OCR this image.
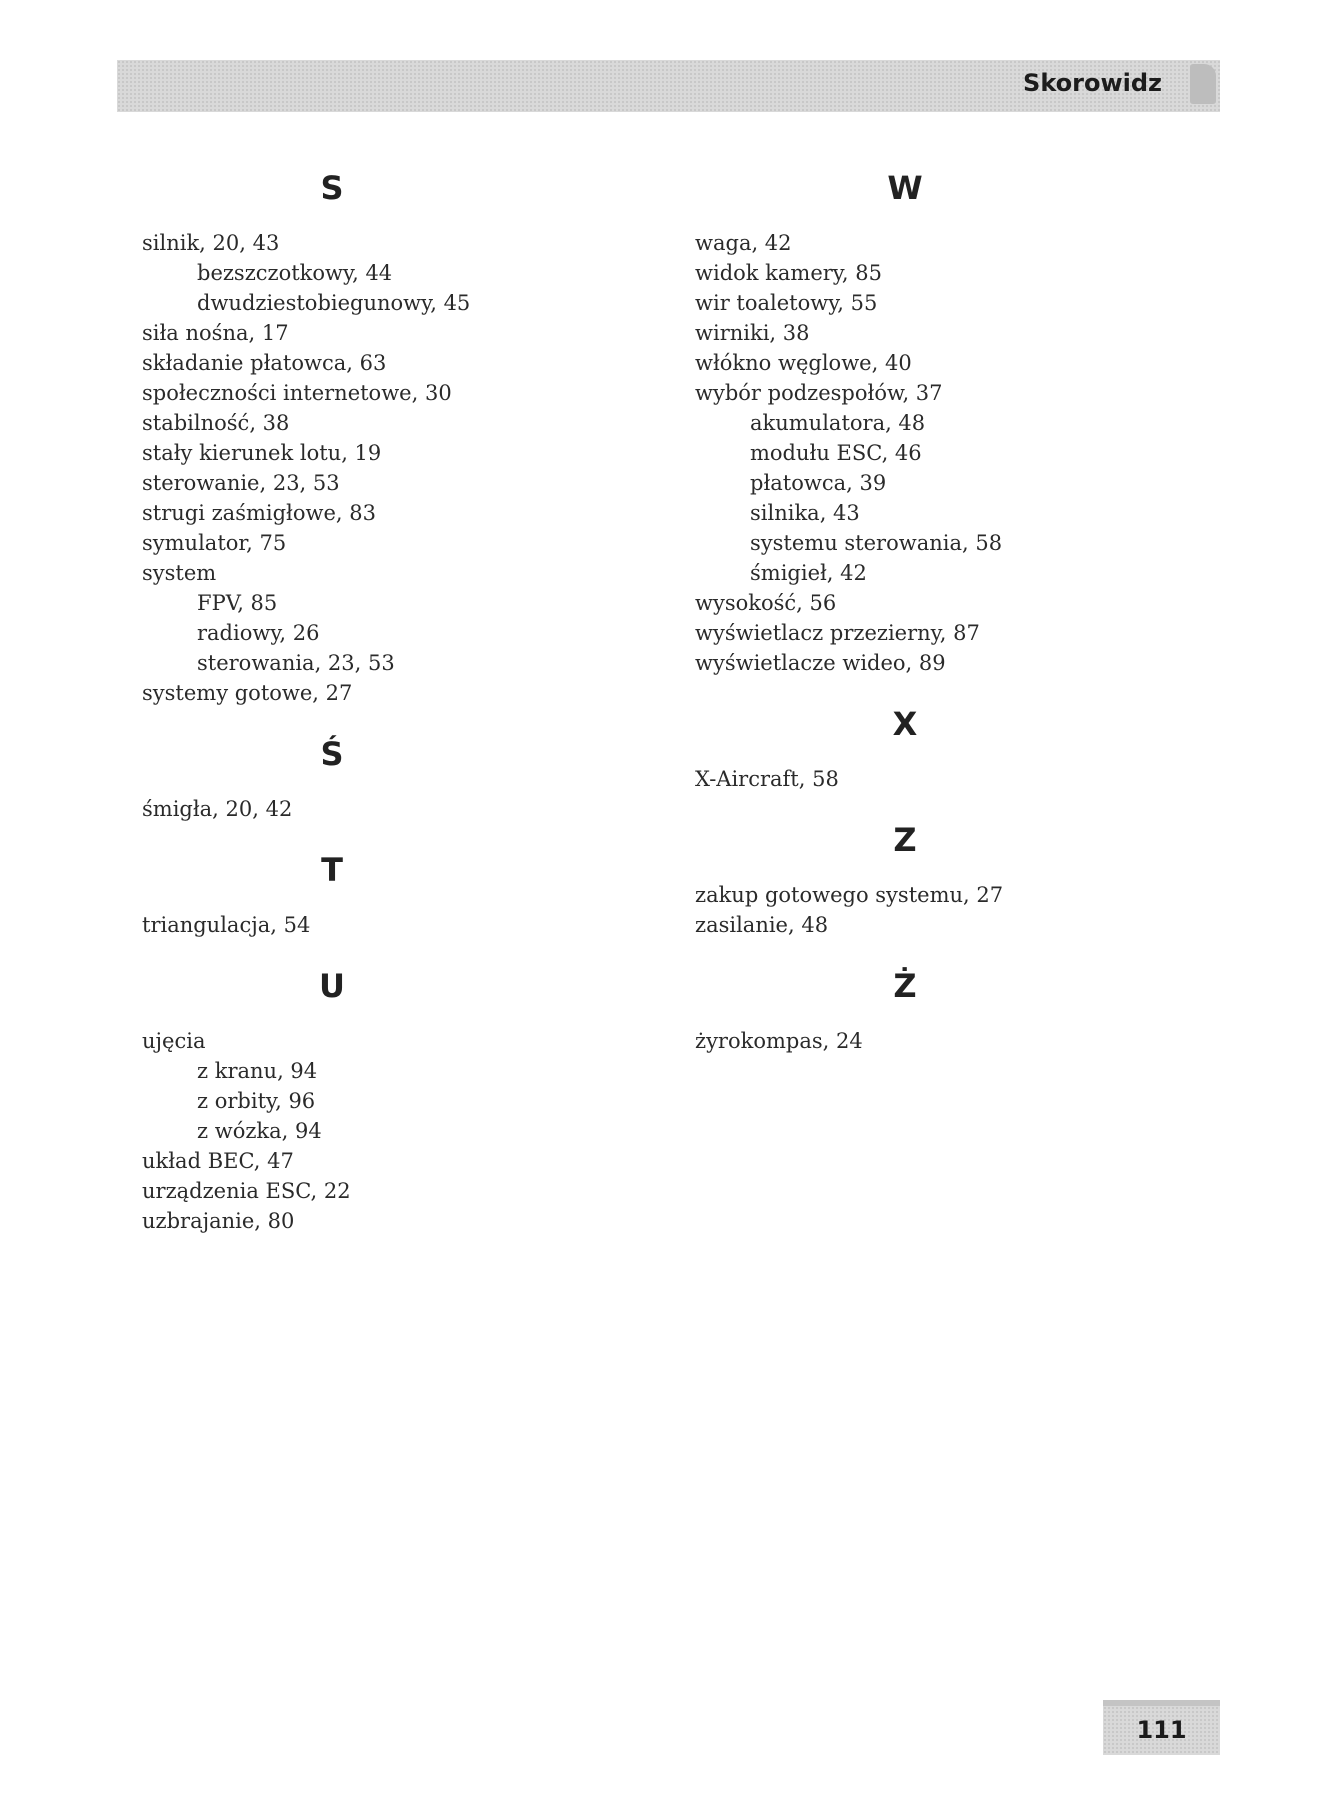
Skorowidz
S
silnik, 20, 43
bezszczotkowy, 44
dwudziestobiegunowy, 45
siła nośna, 17
składanie płatowca, 63
społeczności internetowe, 30
stabilność, 38
stały kierunek lotu, 19
sterowanie, 23, 53
strugi zaśmigłowe, 83
symulator, 75
system
FPV, 85
radiowy, 26
sterowania, 23, 53
systemy gotowe, 27
Ś
śmigła, 20, 42
T
triangulacja, 54
U
ujęcia
z kranu, 94
z orbity, 96
z wózka, 94
układ BEC, 47
urządzenia ESC, 22
uzbrajanie, 80
W
waga, 42
widok kamery, 85
wir toaletowy, 55
wirniki, 38
włókno węglowe, 40
wybór podzespołów, 37
akumulatora, 48
modułu ESC, 46
płatowca, 39
silnika, 43
systemu sterowania, 58
śmigieł, 42
wysokość, 56
wyświetlacz przezierny, 87
wyświetlacze wideo, 89
X
X-Aircraft, 58
Z
zakup gotowego systemu, 27
zasilanie, 48
Ż
żyrokompas, 24
111
